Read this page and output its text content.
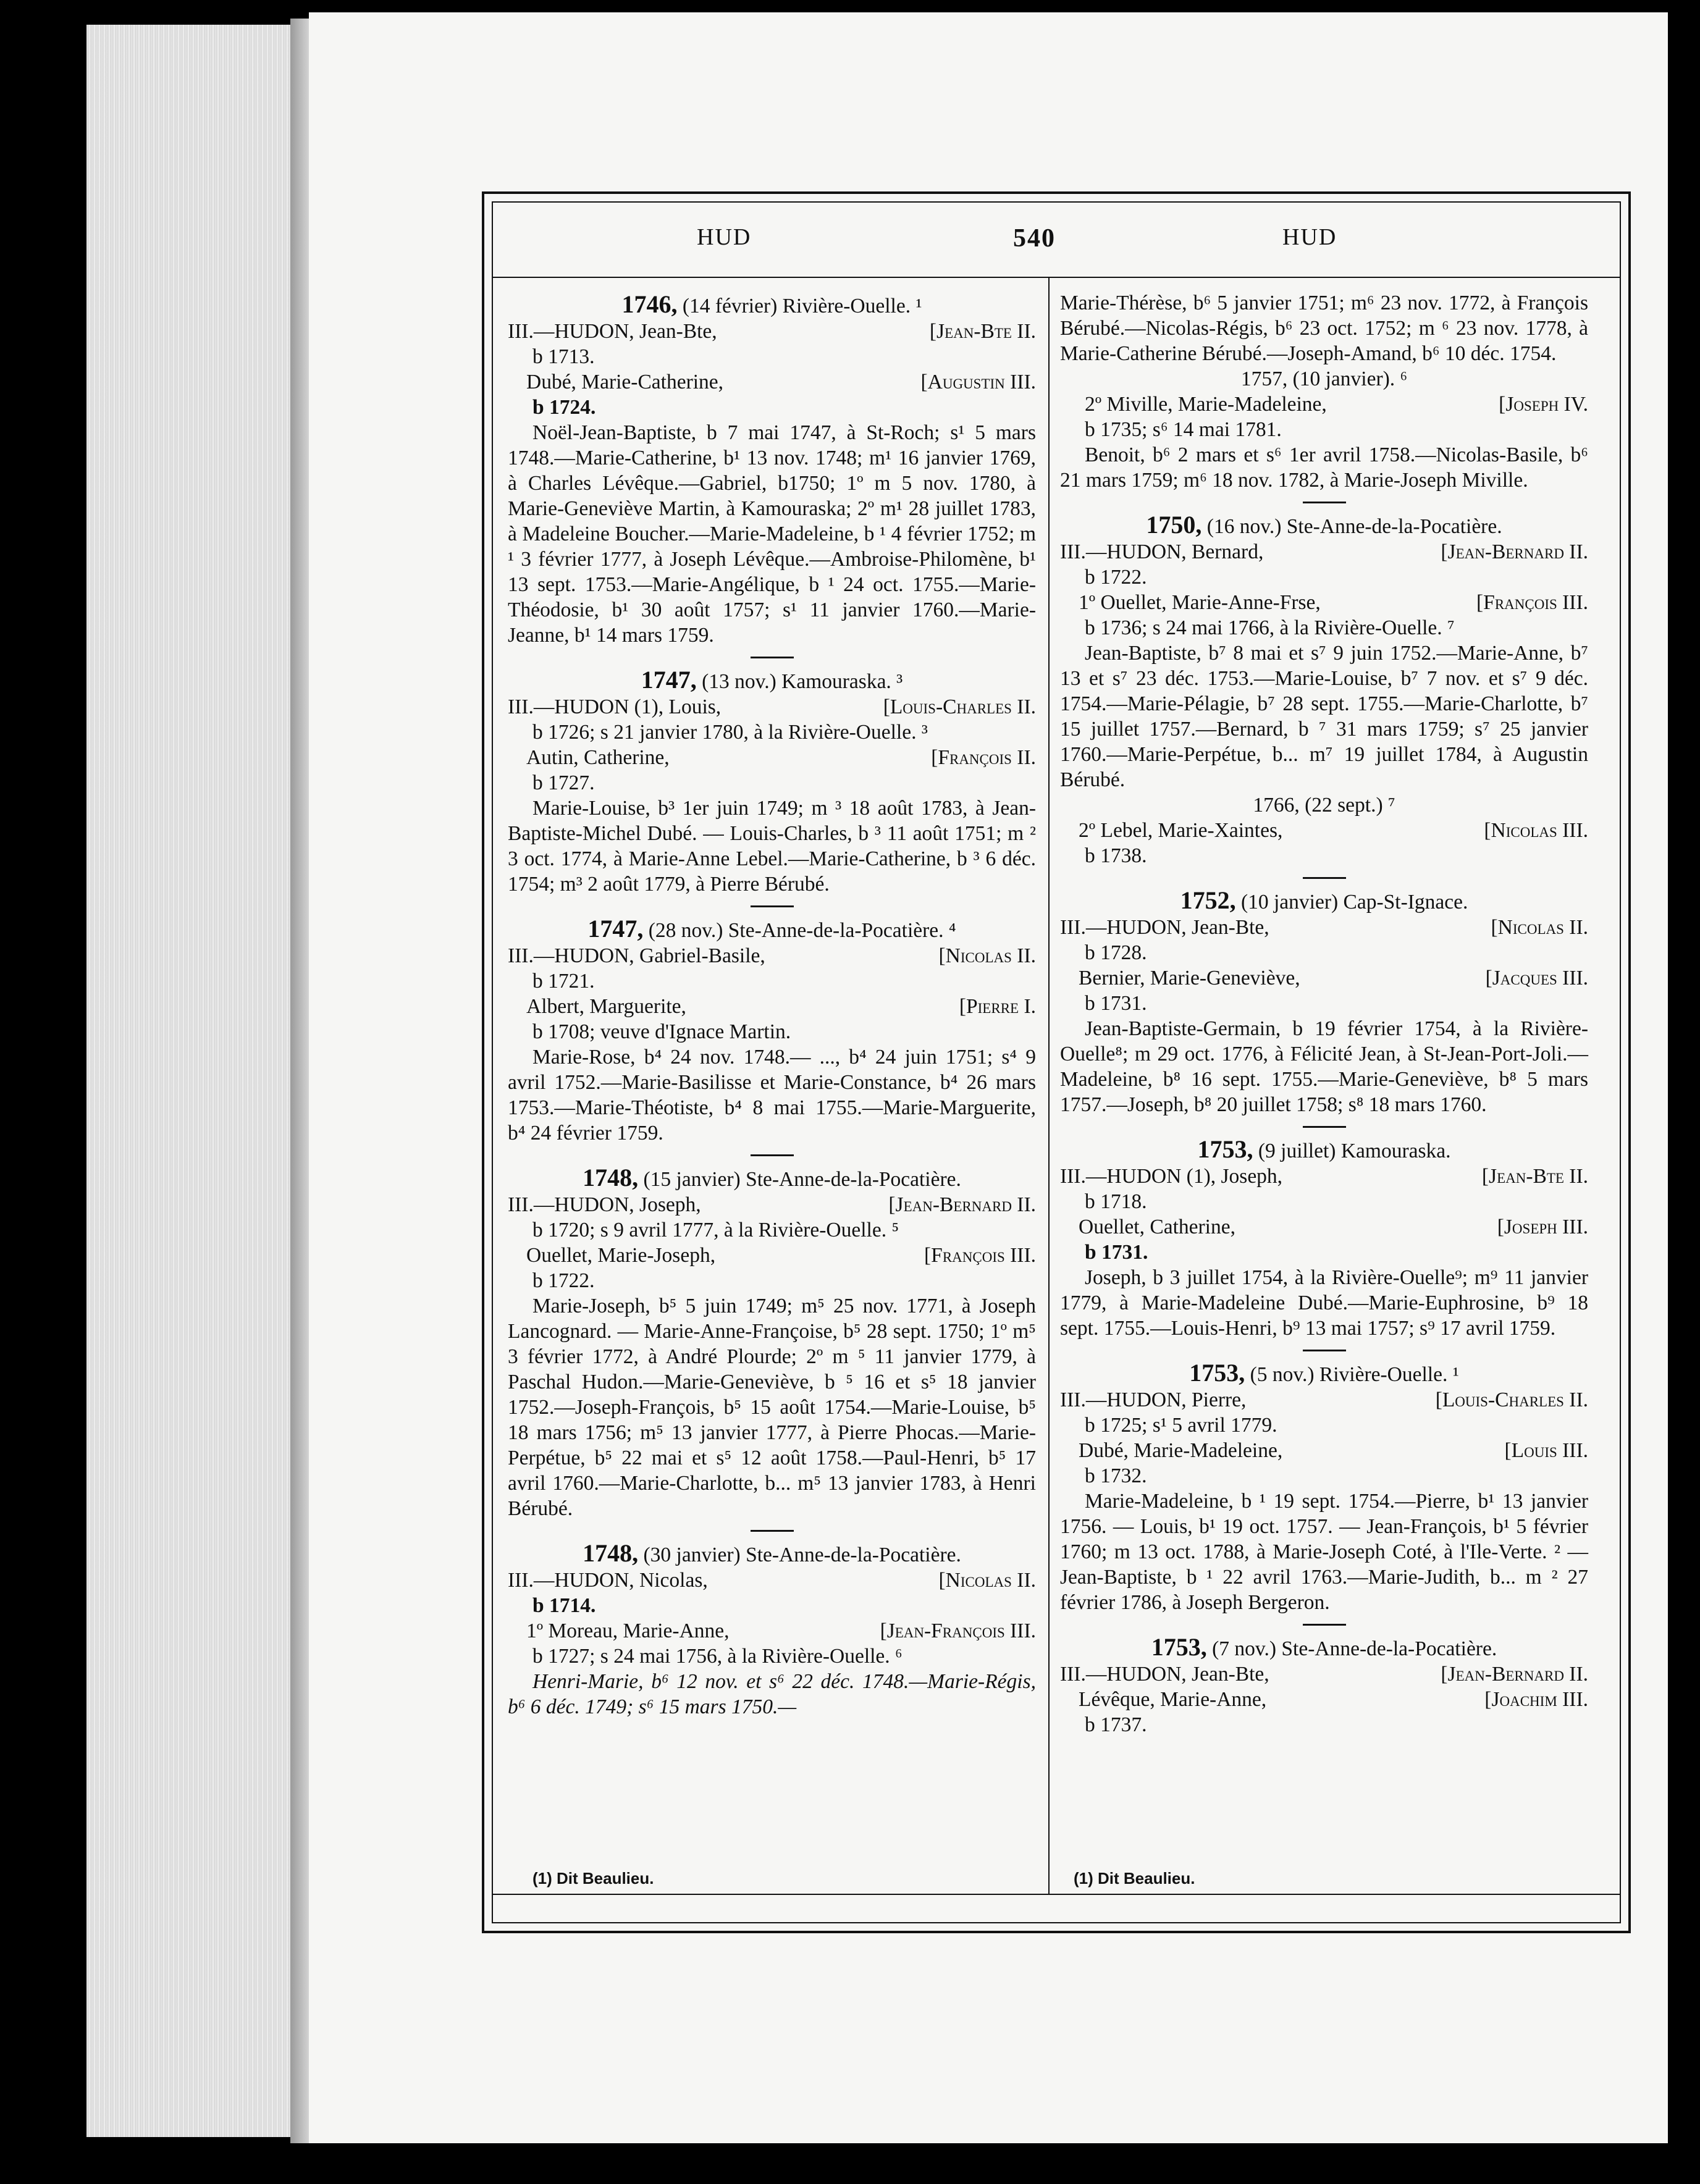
HUD	540	HUD
1746, (14 février) Rivière-Ouelle. ¹
III.—HUDON, Jean-Bte,	[Jean-Bte II.
b 1713.
Dubé, Marie-Catherine,	[Augustin III.
b 1724.

Noël-Jean-Baptiste, b 7 mai 1747, à St-Roch; s¹ 5 mars 1748.—Marie-Catherine, b¹ 13 nov. 1748; m¹ 16 janvier 1769, à Charles Lévêque.—Gabriel, b1750; 1º m 5 nov. 1780, à Marie-Geneviève Martin, à Kamouraska; 2º m¹ 28 juillet 1783, à Madeleine Boucher.—Marie-Madeleine, b ¹ 4 février 1752; m ¹ 3 février 1777, à Joseph Lévêque.—Ambroise-Philomène, b¹ 13 sept. 1753.—Marie-Angélique, b ¹ 24 oct. 1755.—Marie-Théodosie, b¹ 30 août 1757; s¹ 11 janvier 1760.—Marie-Jeanne, b¹ 14 mars 1759.

1747, (13 nov.) Kamouraska. ³
III.—HUDON (1), Louis,	[Louis-Charles II.
b 1726; s 21 janvier 1780, à la Rivière-Ouelle. ³
Autin, Catherine,	[François II.
b 1727.

Marie-Louise, b³ 1er juin 1749; m ³ 18 août 1783, à Jean-Baptiste-Michel Dubé. — Louis-Charles, b ³ 11 août 1751; m ² 3 oct. 1774, à Marie-Anne Lebel.—Marie-Catherine, b ³ 6 déc. 1754; m³ 2 août 1779, à Pierre Bérubé.

1747, (28 nov.) Ste-Anne-de-la-Pocatière. ⁴
III.—HUDON, Gabriel-Basile,	[Nicolas II.
b 1721.
Albert, Marguerite,	[Pierre I.
b 1708; veuve d'Ignace Martin.

Marie-Rose, b⁴ 24 nov. 1748.— ..., b⁴ 24 juin 1751; s⁴ 9 avril 1752.—Marie-Basilisse et Marie-Constance, b⁴ 26 mars 1753.—Marie-Théotiste, b⁴ 8 mai 1755.—Marie-Marguerite, b⁴ 24 février 1759.

1748, (15 janvier) Ste-Anne-de-la-Pocatière.
III.—HUDON, Joseph,	[Jean-Bernard II.
b 1720; s 9 avril 1777, à la Rivière-Ouelle. ⁵
Ouellet, Marie-Joseph,	[François III.
b 1722.

Marie-Joseph, b⁵ 5 juin 1749; m⁵ 25 nov. 1771, à Joseph Lancognard. — Marie-Anne-Françoise, b⁵ 28 sept. 1750; 1º m⁵ 3 février 1772, à André Plourde; 2º m ⁵ 11 janvier 1779, à Paschal Hudon.—Marie-Geneviève, b ⁵ 16 et s⁵ 18 janvier 1752.—Joseph-François, b⁵ 15 août 1754.—Marie-Louise, b⁵ 18 mars 1756; m⁵ 13 janvier 1777, à Pierre Phocas.—Marie-Perpétue, b⁵ 22 mai et s⁵ 12 août 1758.—Paul-Henri, b⁵ 17 avril 1760.—Marie-Charlotte, b... m⁵ 13 janvier 1783, à Henri Bérubé.

1748, (30 janvier) Ste-Anne-de-la-Pocatière.
III.—HUDON, Nicolas,	[Nicolas II.
b 1714.
1º Moreau, Marie-Anne,	[Jean-François III.
b 1727; s 24 mai 1756, à la Rivière-Ouelle. ⁶

Henri-Marie, b⁶ 12 nov. et s⁶ 22 déc. 1748.—Marie-Régis, b⁶ 6 déc. 1749; s⁶ 15 mars 1750.—

Marie-Thérèse, b⁶ 5 janvier 1751; m⁶ 23 nov. 1772, à François Bérubé.—Nicolas-Régis, b⁶ 23 oct. 1752; m ⁶ 23 nov. 1778, à Marie-Catherine Bérubé.—Joseph-Amand, b⁶ 10 déc. 1754.

1757, (10 janvier). ⁶
2º Miville, Marie-Madeleine,	[Joseph IV.
b 1735; s⁶ 14 mai 1781.

Benoit, b⁶ 2 mars et s⁶ 1er avril 1758.—Nicolas-Basile, b⁶ 21 mars 1759; m⁶ 18 nov. 1782, à Marie-Joseph Miville.

1750, (16 nov.) Ste-Anne-de-la-Pocatière.
III.—HUDON, Bernard,	[Jean-Bernard II.
b 1722.
1º Ouellet, Marie-Anne-Frse,	[François III.
b 1736; s 24 mai 1766, à la Rivière-Ouelle. ⁷

Jean-Baptiste, b⁷ 8 mai et s⁷ 9 juin 1752.—Marie-Anne, b⁷ 13 et s⁷ 23 déc. 1753.—Marie-Louise, b⁷ 7 nov. et s⁷ 9 déc. 1754.—Marie-Pélagie, b⁷ 28 sept. 1755.—Marie-Charlotte, b⁷ 15 juillet 1757.—Bernard, b ⁷ 31 mars 1759; s⁷ 25 janvier 1760.—Marie-Perpétue, b... m⁷ 19 juillet 1784, à Augustin Bérubé.

1766, (22 sept.) ⁷
2º Lebel, Marie-Xaintes,	[Nicolas III.
b 1738.
1752, (10 janvier) Cap-St-Ignace.
III.—HUDON, Jean-Bte,	[Nicolas II.
b 1728.
Bernier, Marie-Geneviève,	[Jacques III.
b 1731.

Jean-Baptiste-Germain, b 19 février 1754, à la Rivière-Ouelle⁸; m 29 oct. 1776, à Félicité Jean, à St-Jean-Port-Joli.—Madeleine, b⁸ 16 sept. 1755.—Marie-Geneviève, b⁸ 5 mars 1757.—Joseph, b⁸ 20 juillet 1758; s⁸ 18 mars 1760.

1753, (9 juillet) Kamouraska.
III.—HUDON (1), Joseph,	[Jean-Bte II.
b 1718.
Ouellet, Catherine,	[Joseph III.
b 1731.

Joseph, b 3 juillet 1754, à la Rivière-Ouelle⁹; m⁹ 11 janvier 1779, à Marie-Madeleine Dubé.—Marie-Euphrosine, b⁹ 18 sept. 1755.—Louis-Henri, b⁹ 13 mai 1757; s⁹ 17 avril 1759.

1753, (5 nov.) Rivière-Ouelle. ¹
III.—HUDON, Pierre,	[Louis-Charles II.
b 1725; s¹ 5 avril 1779.
Dubé, Marie-Madeleine,	[Louis III.
b 1732.

Marie-Madeleine, b ¹ 19 sept. 1754.—Pierre, b¹ 13 janvier 1756. — Louis, b¹ 19 oct. 1757. — Jean-François, b¹ 5 février 1760; m 13 oct. 1788, à Marie-Joseph Coté, à l'Ile-Verte. ² — Jean-Baptiste, b ¹ 22 avril 1763.—Marie-Judith, b... m ² 27 février 1786, à Joseph Bergeron.

1753, (7 nov.) Ste-Anne-de-la-Pocatière.
III.—HUDON, Jean-Bte,	[Jean-Bernard II.
Lévêque, Marie-Anne,	[Joachim III.
b 1737.
(1) Dit Beaulieu.	(1) Dit Beaulieu.
